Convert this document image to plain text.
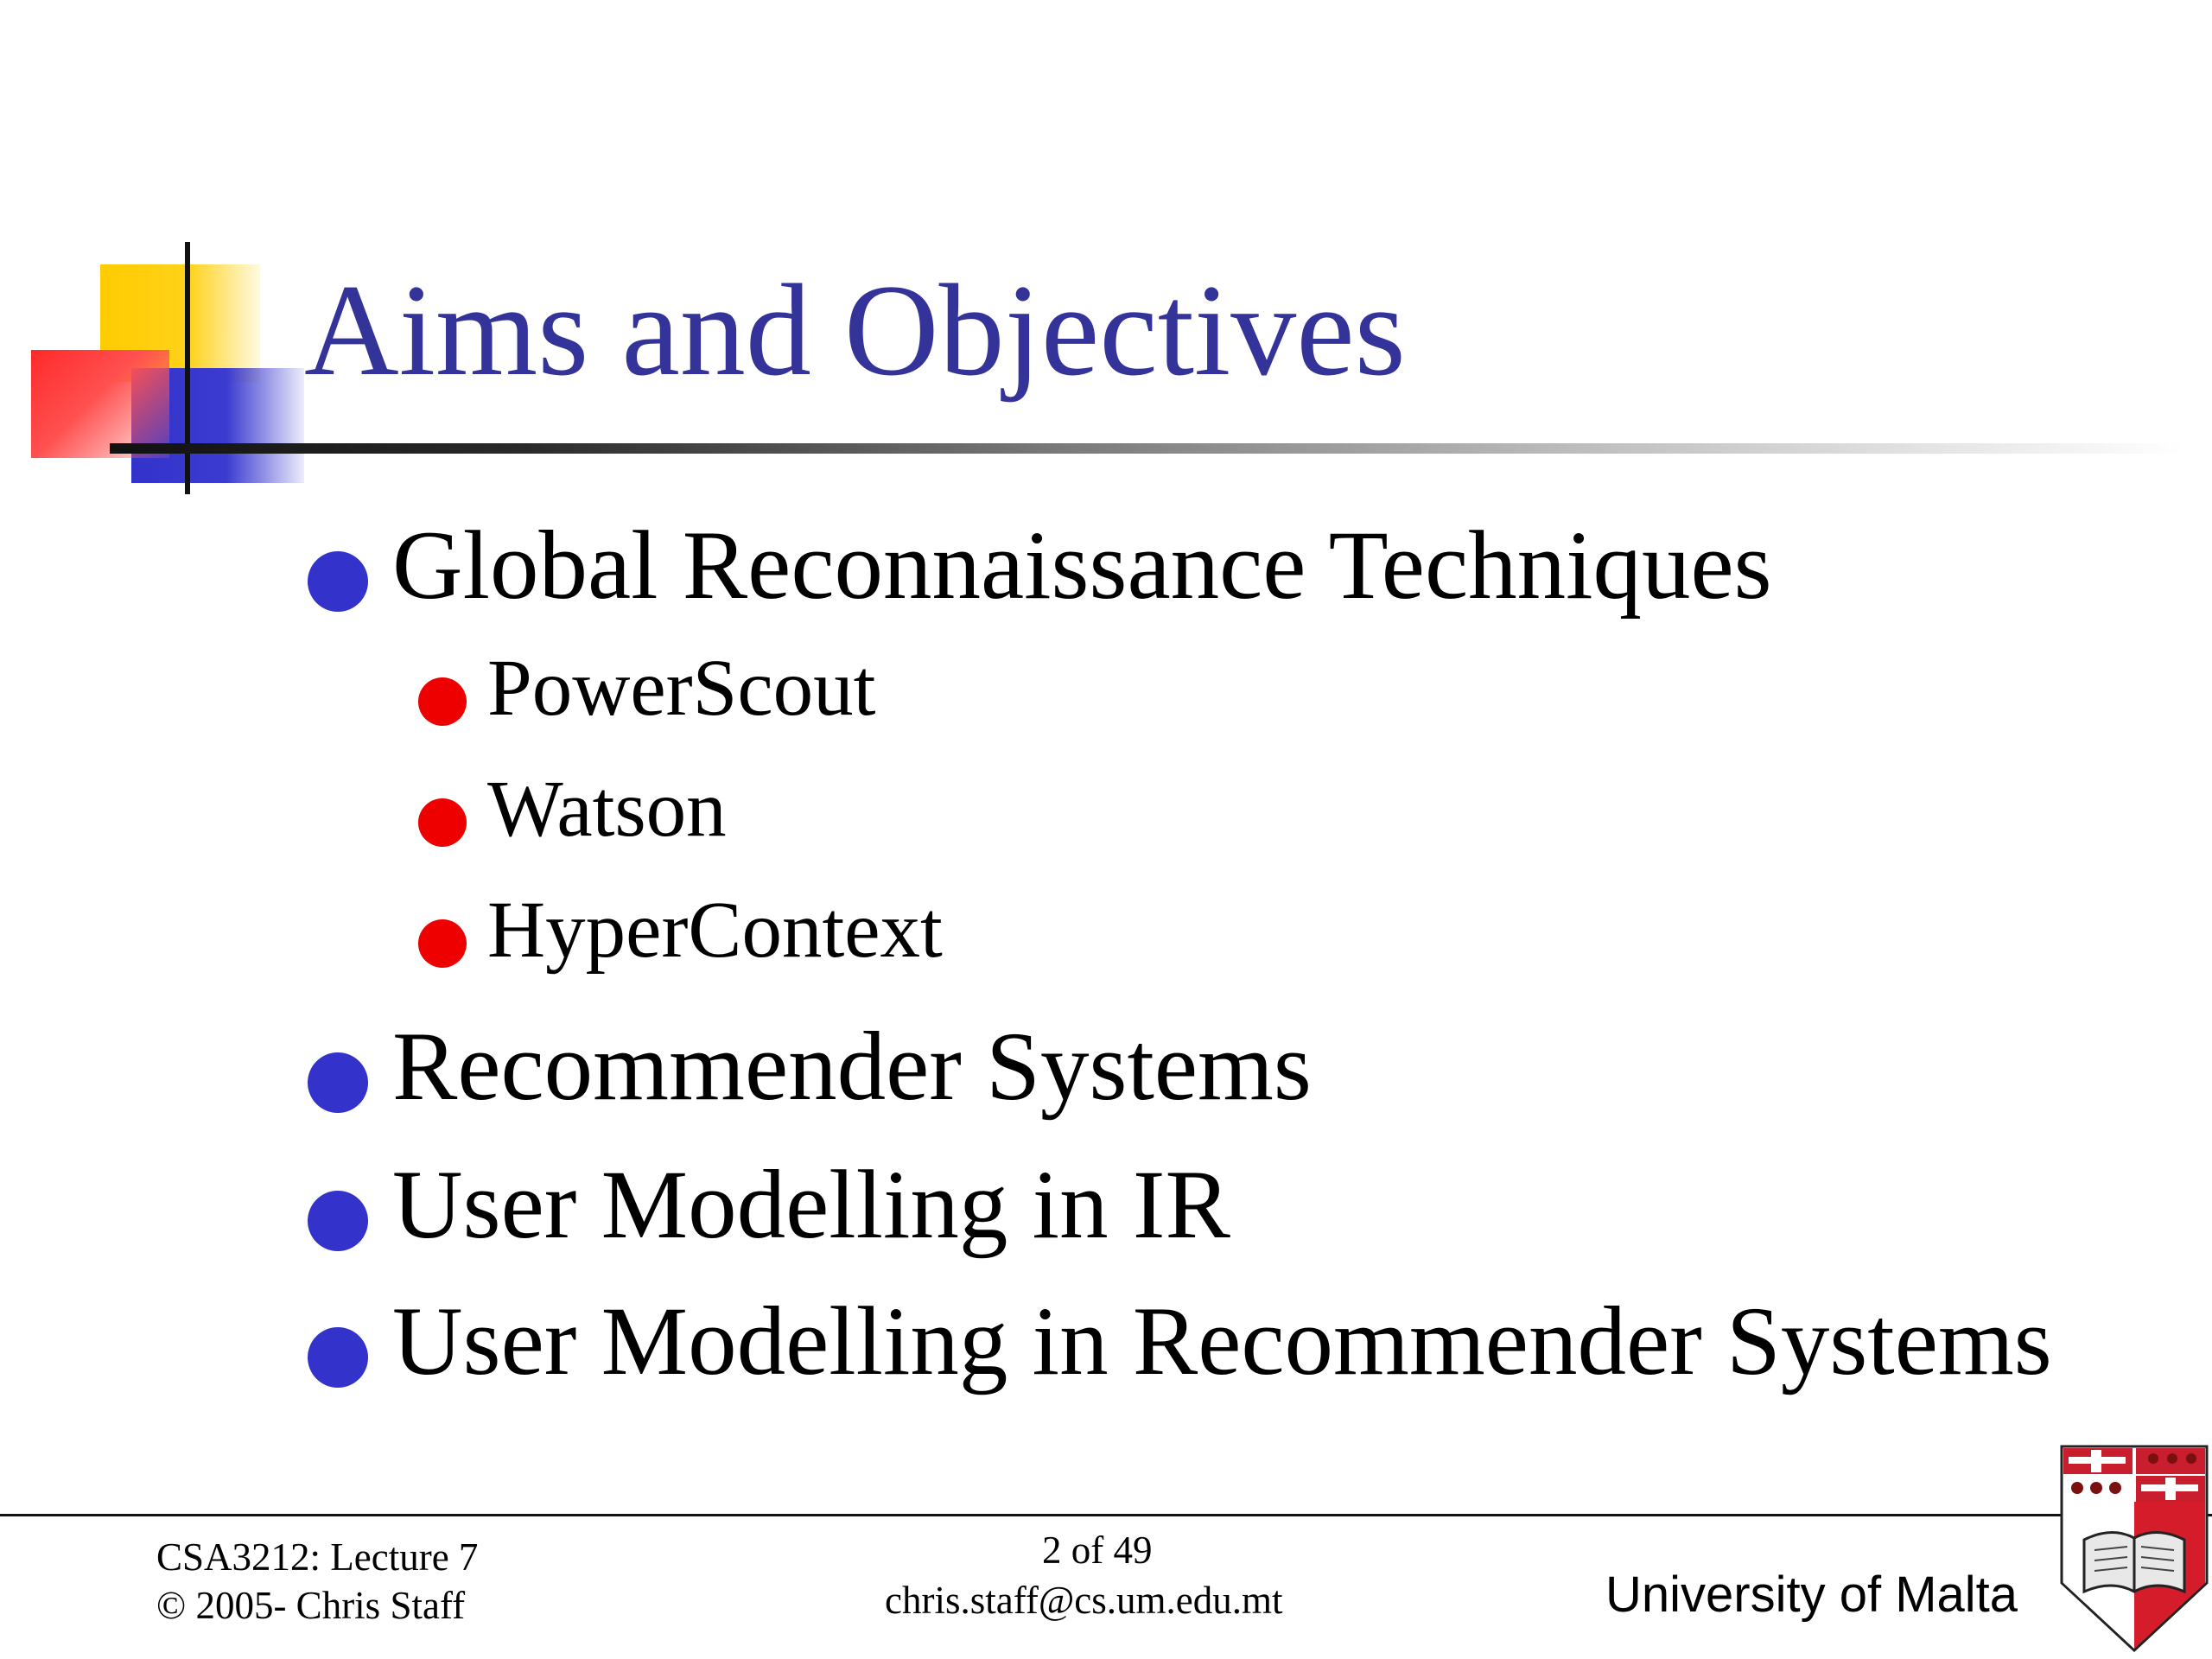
Aims and Objectives
Global Reconnaissance Techniques
PowerScout
Watson
HyperContext
Recommender Systems
User Modelling in IR
User Modelling in Recommender Systems
CSA3212: Lecture 7
© 2005- Chris Staff
2 of 49
chris.staff@cs.um.edu.mt	University of Malta
